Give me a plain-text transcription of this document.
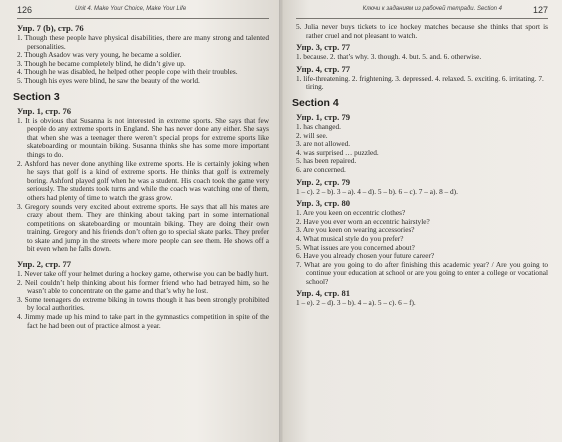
126	Unit 4. Make Your Choice, Make Your Life
Упр. 7 (b), стр. 76
1. Though these people have physical disabilities, there are many strong and talented personalities.
2. Though Asadov was very young, he became a soldier.
3. Though he became completely blind, he didn’t give up.
4. Though he was disabled, he helped other people cope with their troubles.
5. Though his eyes were blind, he saw the beauty of the world.
Section 3
Упр. 1, стр. 76
1. It is obvious that Susanna is not interested in extreme sports. She says that few people do any extreme sports in England. She has never done any either. She says that when she was a teenager there weren’t special props for extreme sports like skateboarding or mountain biking. Susanna thinks she has some more important things to do.
2. Ashford has never done anything like extreme sports. He is certainly joking when he says that golf is a kind of extreme sports. He thinks that golf is extremely boring. Ashford played golf when he was a student. His coach took the game very seriously. The students took turns and while the coach was watching one of them, others had plenty of time to watch the grass grow.
3. Gregory sounds very excited about extreme sports. He says that all his mates are crazy about them. They are thinking about taking part in some international competitions on skateboarding or mountain biking. They are doing their own training. Gregory and his friends don’t often go to special skate parks. They prefer to skate and jump in the streets where more people can see them. He shows off a bit even when he falls down.
Упр. 2, стр. 77
1. Never take off your helmet during a hockey game, otherwise you can be badly hurt.
2. Neil couldn’t help thinking about his former friend who had betrayed him, so he wasn’t able to concentrate on the game and that’s why he lost.
3. Some teenagers do extreme biking in towns though it has been strongly prohibited by local authorities.
4. Jimmy made up his mind to take part in the gymnastics competition in spite of the fact he had been out of practice almost a year.
Ключи к заданиям из рабочей тетради. Section 4	127
5. Julia never buys tickets to ice hockey matches because she thinks that sport is rather cruel and not pleasant to watch.
Упр. 3, стр. 77
1. because. 2. that’s why. 3. though. 4. but. 5. and. 6. otherwise.
Упр. 4, стр. 77
1. life-threatening. 2. frightening. 3. depressed. 4. relaxed. 5. exciting. 6. irritating. 7. tiring.
Section 4
Упр. 1, стр. 79
1. has changed.
2. will see.
3. are not allowed.
4. was surprised … puzzled.
5. has been repaired.
6. are concerned.
Упр. 2, стр. 79
1 – c). 2 – b). 3 – a). 4 – d). 5 – b). 6 – c). 7 – a). 8 – d).
Упр. 3, стр. 80
1. Are you keen on eccentric clothes?
2. Have you ever worn an eccentric hairstyle?
3. Are you keen on wearing accessories?
4. What musical style do you prefer?
5. What issues are you concerned about?
6. Have you already chosen your future career?
7. What are you going to do after finishing this academic year? / Are you going to continue your education at school or are you going to enter a college or vocational school?
Упр. 4, стр. 81
1 – e). 2 – d). 3 – b). 4 – a). 5 – c). 6 – f).
